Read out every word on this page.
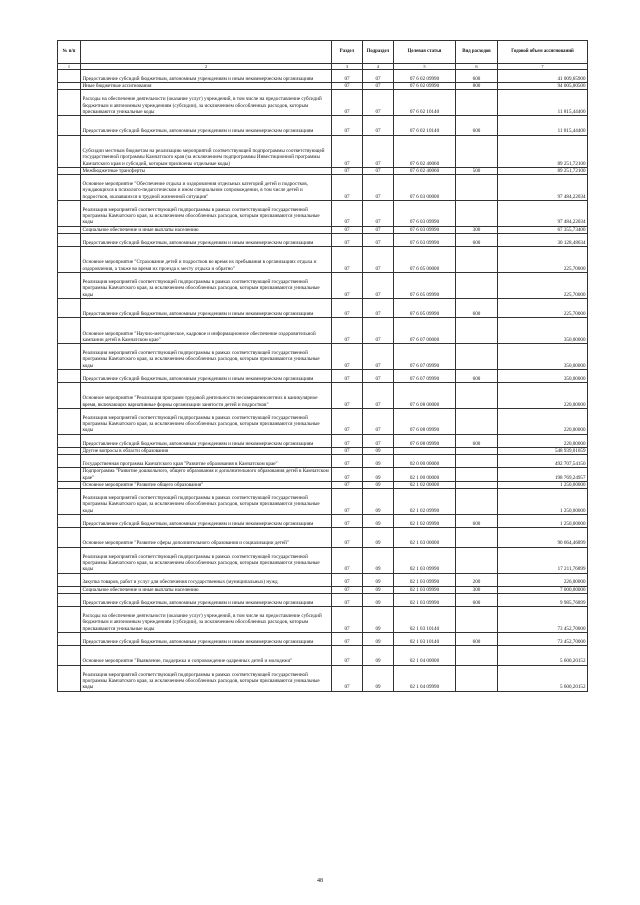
№ п/п		Раздел	Подраздел	Целевая статья	Вид расходов	Годовой объем ассигнований
1	2	3	4	5	6	7
	Предоставление субсидий бюджетным, автономным учреждениям и иным некоммерческим организациям	07	07	07 6 02 09990	600	41 009,65900
	Иные бюджетные ассигнования	07	07	07 6 02 09990	800	94 005,00500
	Расходы на обеспечение деятельности (оказание услуг) учреждений, в том числе на предоставление субсидий бюджетным и автономным учреждениям (субсидии), за исключением обособленных расходов, которым присваиваются уникальные коды	07	07	07 6 02 10140		11 815,44400
	Предоставление субсидий бюджетным, автономным учреждениям и иным некоммерческим организациям	07	07	07 6 02 10140	600	11 815,44400
	Субсидии местным бюджетам на реализацию мероприятий соответствующей подпрограммы соответствующей государственной программы Камчатского края (за исключением подпрограммы Инвестиционной программы Камчатского края и субсидий, которым присвоены отдельные коды)	07	07	07 6 02 40060		89 251,72100
	Межбюджетные трансферты	07	07	07 6 02 40060	500	89 251,72100
	Основное мероприятие "Обеспечение отдыха и оздоровления отдельных категорий детей и подростков, нуждающихся в психолого-педагогическом и ином специальном сопровождении, в том числе детей и подростков, оказавшихся в трудной жизненной ситуации"	07	07	07 6 03 00000		97 484,22034
	Реализация мероприятий соответствующей подпрограммы в рамках соответствующей государственной программы Камчатского края, за исключением обособленных расходов, которым присваиваются уникальные коды	07	07	07 6 03 09990		97 484,22034
	Социальное обеспечение и иные выплаты населению	07	07	07 6 03 09990	300	67 355,73400
	Предоставление субсидий бюджетным, автономным учреждениям и иным некоммерческим организациям	07	07	07 6 03 09990	600	30 128,48634
	Основное мероприятие "Страхование детей и подростков во время их пребывания в организациях отдыха и оздоровления, а также во время их проезда к месту отдыха и обратно"	07	07	07 6 05 00000		225,70000
	Реализация мероприятий соответствующей подпрограммы в рамках соответствующей государственной программы Камчатского края, за исключением обособленных расходов, которым присваиваются уникальные коды	07	07	07 6 05 09990		225,70000
	Предоставление субсидий бюджетным, автономным учреждениям и иным некоммерческим организациям	07	07	07 6 05 09990	600	225,70000
	Основное мероприятие "Научно-методическое, кадровое и информационное обеспечение оздоровительной кампании детей в Камчатском крае"	07	07	07 6 07 00000		350,00000
	Реализация мероприятий соответствующей подпрограммы в рамках соответствующей государственной программы Камчатского края, за исключением обособленных расходов, которым присваиваются уникальные коды	07	07	07 6 07 09990		350,00000
	Предоставление субсидий бюджетным, автономным учреждениям и иным некоммерческим организациям	07	07	07 6 07 09990	600	350,00000
	Основное мероприятие "Реализация программ трудовой деятельности несовершеннолетних в каникулярное время, включающих вариативные формы организации занятости детей и подростков"	07	07	07 6 08 00000		220,00000
	Реализация мероприятий соответствующей подпрограммы в рамках соответствующей государственной программы Камчатского края, за исключением обособленных расходов, которым присваиваются уникальные коды	07	07	07 6 08 09990		220,00000
	Предоставление субсидий бюджетным, автономным учреждениям и иным некоммерческим организациям	07	07	07 6 08 09990	600	220,00000
	Другие вопросы в области образования	07	09			548 939,01659
	Государственная программа Камчатского края "Развитие образования в Камчатском крае"	07	09	02 0 00 00000		492 707,54150
	Подпрограмма "Развитие дошкольного, общего образования и дополнительного образования детей в Камчатском крае"	07	09	02 1 00 00000		198 769,24957
	Основное мероприятие "Развитие общего образования"	07	09	02 1 02 00000		1 250,00000
	Реализация мероприятий соответствующей подпрограммы в рамках соответствующей государственной программы Камчатского края, за исключением обособленных расходов, которым присваиваются уникальные коды	07	09	02 1 02 09990		1 250,00000
	Предоставление субсидий бюджетным, автономным учреждениям и иным некоммерческим организациям	07	09	02 1 02 09990	600	1 250,00000
	Основное мероприятие "Развитие сферы дополнительного образования и социализации детей"	07	09	02 1 03 00000		90 664,46899
	Реализация мероприятий соответствующей подпрограммы в рамках соответствующей государственной программы Камчатского края, за исключением обособленных расходов, которым присваиваются уникальные коды	07	09	02 1 03 09990		17 211,76899
	Закупка товаров, работ и услуг для обеспечения государственных (муниципальных) нужд	07	09	02 1 03 09990	200	226,00000
	Социальное обеспечение и иные выплаты населению	07	09	02 1 03 09990	300	7 000,00000
	Предоставление субсидий бюджетным, автономным учреждениям и иным некоммерческим организациям	07	09	02 1 03 09990	600	9 985,76899
	Расходы на обеспечение деятельности (оказание услуг) учреждений, в том числе на предоставление субсидий бюджетным и автономным учреждениям (субсидии), за исключением обособленных расходов, которым присваиваются уникальные коды	07	09	02 1 03 10140		73 452,70000
	Предоставление субсидий бюджетным, автономным учреждениям и иным некоммерческим организациям	07	09	02 1 03 10140	600	73 452,70000
	Основное мероприятие "Выявление, поддержка и сопровождение одаренных детей и молодежи"	07	09	02 1 04 00000		5 600,20152
	Реализация мероприятий соответствующей подпрограммы в рамках соответствующей государственной программы Камчатского края, за исключением обособленных расходов, которым присваиваются уникальные коды	07	09	02 1 04 09990		5 600,20152
48
